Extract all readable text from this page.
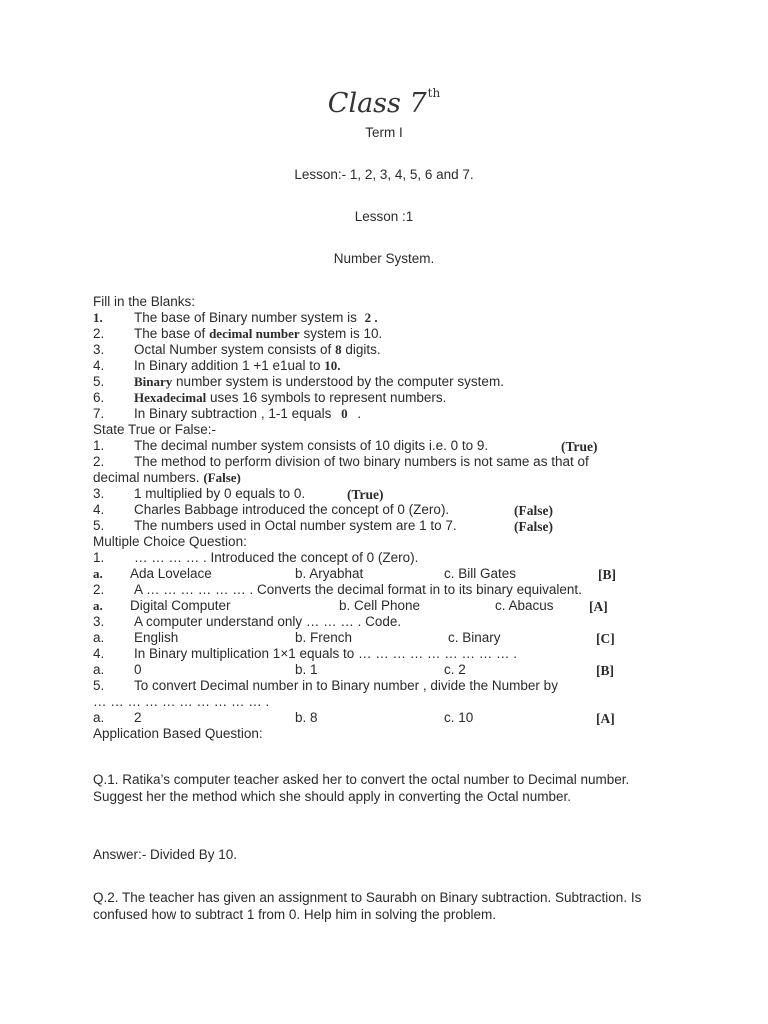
Class 7th
Term I
Lesson:- 1, 2, 3, 4, 5, 6 and 7.
Lesson :1
Number System.
Fill in the Blanks:
1. The base of Binary number system is 2 .
2. The base of decimal number system is 10.
3. Octal Number system consists of 8 digits.
4. In Binary addition 1 +1 e1ual to 10.
5. Binary number system is understood by the computer system.
6. Hexadecimal uses 16 symbols to represent numbers.
7. In Binary subtraction , 1-1 equals 0 .
State True or False:-
1. The decimal number system consists of 10 digits i.e. 0 to 9.	(True)
2. The method to perform division of two binary numbers is not same as that of
decimal numbers. (False)
3. 1 multiplied by 0 equals to 0.	(True)
4. Charles Babbage introduced the concept of 0 (Zero).	(False)
5. The numbers used in Octal number system are 1 to 7.	(False)
Multiple Choice Question:
1. … … … … . Introduced the concept of 0 (Zero).
a. Ada Lovelace	b. Aryabhat	c. Bill Gates	[B]
2. A … … … … … … . Converts the decimal format in to its binary equivalent.
a. Digital Computer	b. Cell Phone	c. Abacus	[A]
3. A computer understand only … … … . Code.
a. English	b. French	c. Binary	[C]
4. In Binary multiplication 1×1 equals to … … … … … … … … … .
a. 0	b. 1	c. 2	[B]
5. To convert Decimal number in to Binary number , divide the Number by
… … … … … … … … … … .
a. 2	b. 8	c. 10	[A]
Application Based Question:
Q.1. Ratika’s computer teacher asked her to convert the octal number to Decimal number. Suggest her the method which she should apply in converting the Octal number.
Answer:- Divided By 10.
Q.2. The teacher has given an assignment to Saurabh on Binary subtraction. Subtraction. Is confused how to subtract 1 from 0. Help him in solving the problem.
